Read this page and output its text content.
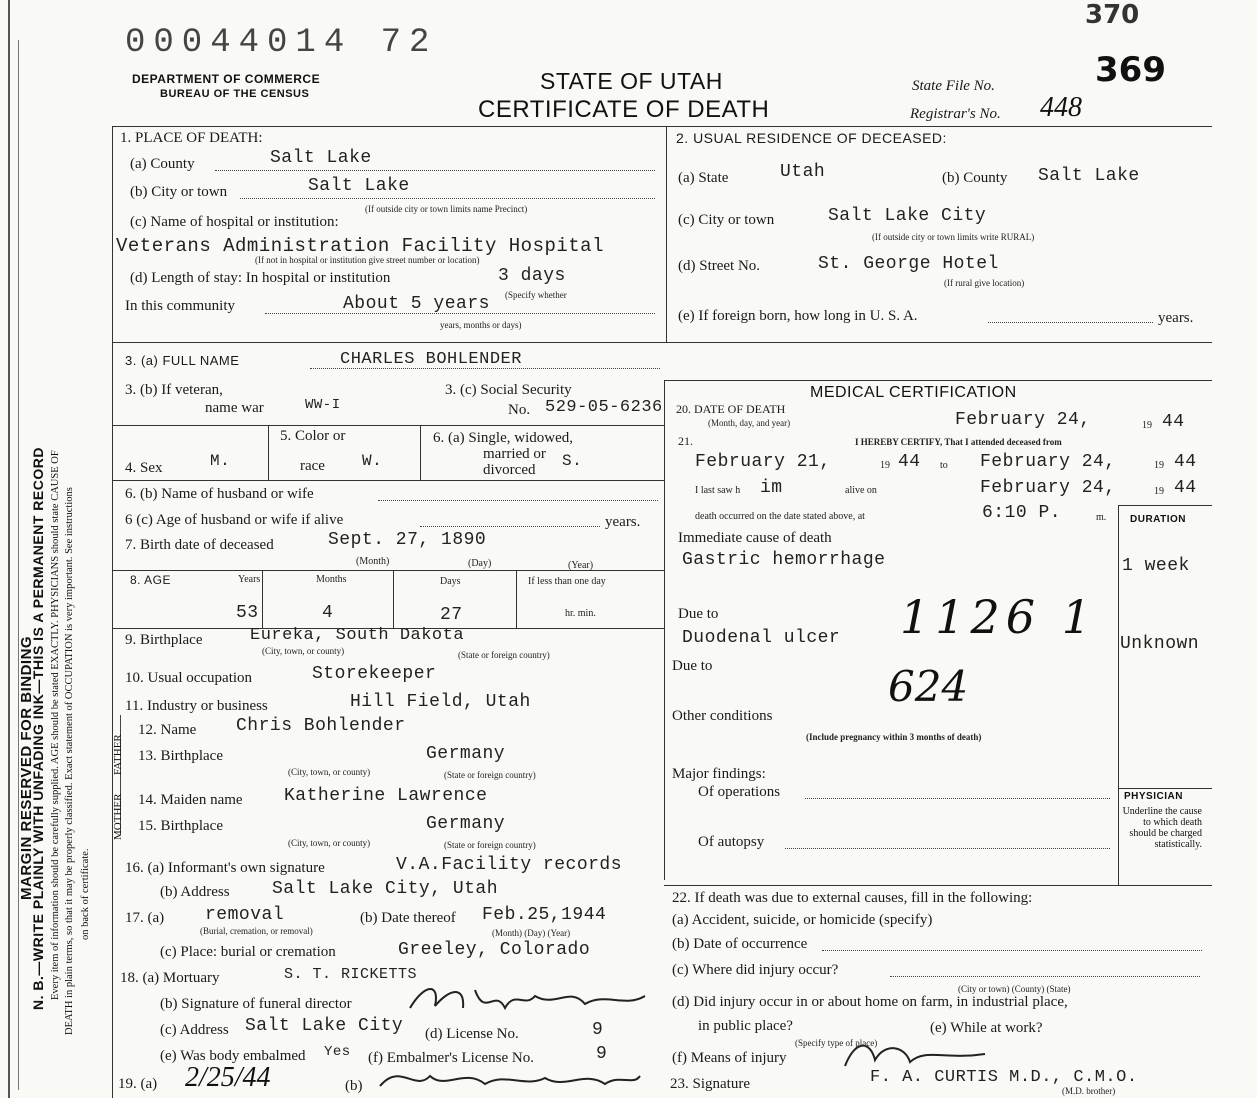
MARGIN RESERVED FOR BINDING
N. B.—WRITE PLAINLY WITH UNFADING INK—THIS IS A PERMANENT RECORD Every item of information should be carefully supplied. AGE should be stated EXACTLY. PHYSICIANS should state CAUSE OF DEATH in plain terms, so that it may be properly classified. Exact statement of OCCUPATION is very important. See instructions on back of certificate.
00044014 72
370
DEPARTMENT OF COMMERCE
BUREAU OF THE CENSUS	STATE OF UTAH
CERTIFICATE OF DEATH
State File No.	369
Registrar's No. 448
1. PLACE OF DEATH:
(a) County	Salt Lake
(b) City or town	Salt Lake
(If outside city or town limits name Precinct)
(c) Name of hospital or institution:
Veterans Administration Facility Hospital
(If not in hospital or institution give street number or location)
(d) Length of stay: In hospital or institution	3 days
(Specify whether
In this community	About 5 years
years, months or days)
2. USUAL RESIDENCE OF DECEASED:
(a) State	Utah	(b) County Salt Lake
(c) City or town	Salt Lake City
(If outside city or town limits write RURAL)
(d) Street No.	St. George Hotel
(If rural give location)
(e) If foreign born, how long in U. S. A.	years.
3. (a) FULL NAME	CHARLES BOHLENDER
3. (b) If veteran,
name war	WW-I
3. (c) Social Security
No. 529-05-6236
MEDICAL CERTIFICATION
5. Color or
race W.
4. Sex	M.
6. (a) Single, widowed,
married or
divorced S.
6. (b) Name of husband or wife
6 (c) Age of husband or wife if alive	years.
7. Birth date of deceased	Sept. 27, 1890
(Month)	(Day)	(Year)
8. AGE	Years	Months	Days	If less than one day
53	4	27	hr. min.
9. Birthplace	Eureka, South Dakota
(City, town, or county)	(State or foreign country)
10. Usual occupation	Storekeeper
11. Industry or business	Hill Field, Utah
FATHER
MOTHER
12. Name Chris Bohlender
13. Birthplace	Germany
(City, town, or county)	(State or foreign country)
14. Maiden name Katherine Lawrence
15. Birthplace	Germany
(City, town, or county)	(State or foreign country)
16. (a) Informant's own signature	V.A.Facility records
(b) Address Salt Lake City, Utah
17. (a) removal
(Burial, cremation, or removal)
(b) Date thereof Feb.25,1944
(Month) (Day) (Year)
(c) Place: burial or cremation	Greeley, Colorado
18. (a) Mortuary	S. T. RICKETTS
(b) Signature of funeral director
(c) Address Salt Lake City (d) License No.	9
(e) Was body embalmed Yes (f) Embalmer's License No.	9
19. (a) 2/25/44	(b)
20. DATE OF DEATH
(Month, day, and year)	February 24,	19 44
21.	I HEREBY CERTIFY, That I attended deceased from
February 21,	19 44 to February 24,	19 44
I last saw h im	alive on	February 24,	19 44
death occurred on the date stated above, at	6:10 P.	m. DURATION
Immediate cause of death
Gastric hemorrhage	1 week
Due to	1126 1
Duodenal ulcer	Unknown
Due to	624
Other conditions
(Include pregnancy within 3 months of death)
Major findings:
Of operations
Of autopsy
PHYSICIAN
Underline the cause to which death should be charged statistically.
22. If death was due to external causes, fill in the following:
(a) Accident, suicide, or homicide (specify)
(b) Date of occurrence
(c) Where did injury occur?
(City or town) (County) (State)
(d) Did injury occur in or about home on farm, in industrial place,
in public place?	(e) While at work?
(Specify type of place)
(f) Means of injury
23. Signature	F. A. CURTIS M.D., C.M.O.
(M.D. brother)
